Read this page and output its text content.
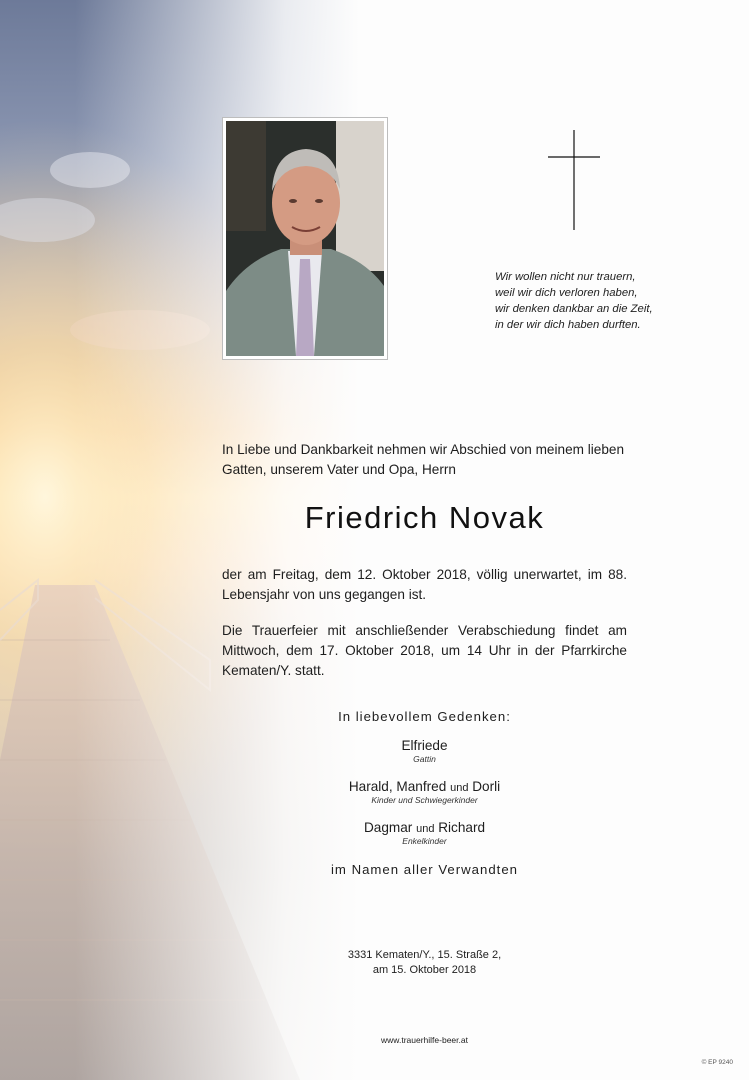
Wir wollen nicht nur trauern,
weil wir dich verloren haben,
wir denken dankbar an die Zeit,
in der wir dich haben durften.
In Liebe und Dankbarkeit nehmen wir Abschied von meinem lieben
Gatten, unserem Vater und Opa, Herrn
Friedrich Novak
der am Freitag, dem 12. Oktober 2018, völlig unerwartet, im 88. Lebensjahr von uns gegangen ist.
Die Trauerfeier mit anschließender Verabschiedung findet am Mittwoch, dem 17. Oktober 2018, um 14 Uhr in der Pfarrkirche Kematen/Y. statt.
In liebevollem Gedenken:
Elfriede
Gattin
Harald, Manfred und Dorli
Kinder und Schwiegerkinder
Dagmar und Richard
Enkelkinder
im Namen aller Verwandten
3331 Kematen/Y., 15. Straße 2,
am 15. Oktober 2018
www.trauerhilfe-beer.at
© EP 9240
